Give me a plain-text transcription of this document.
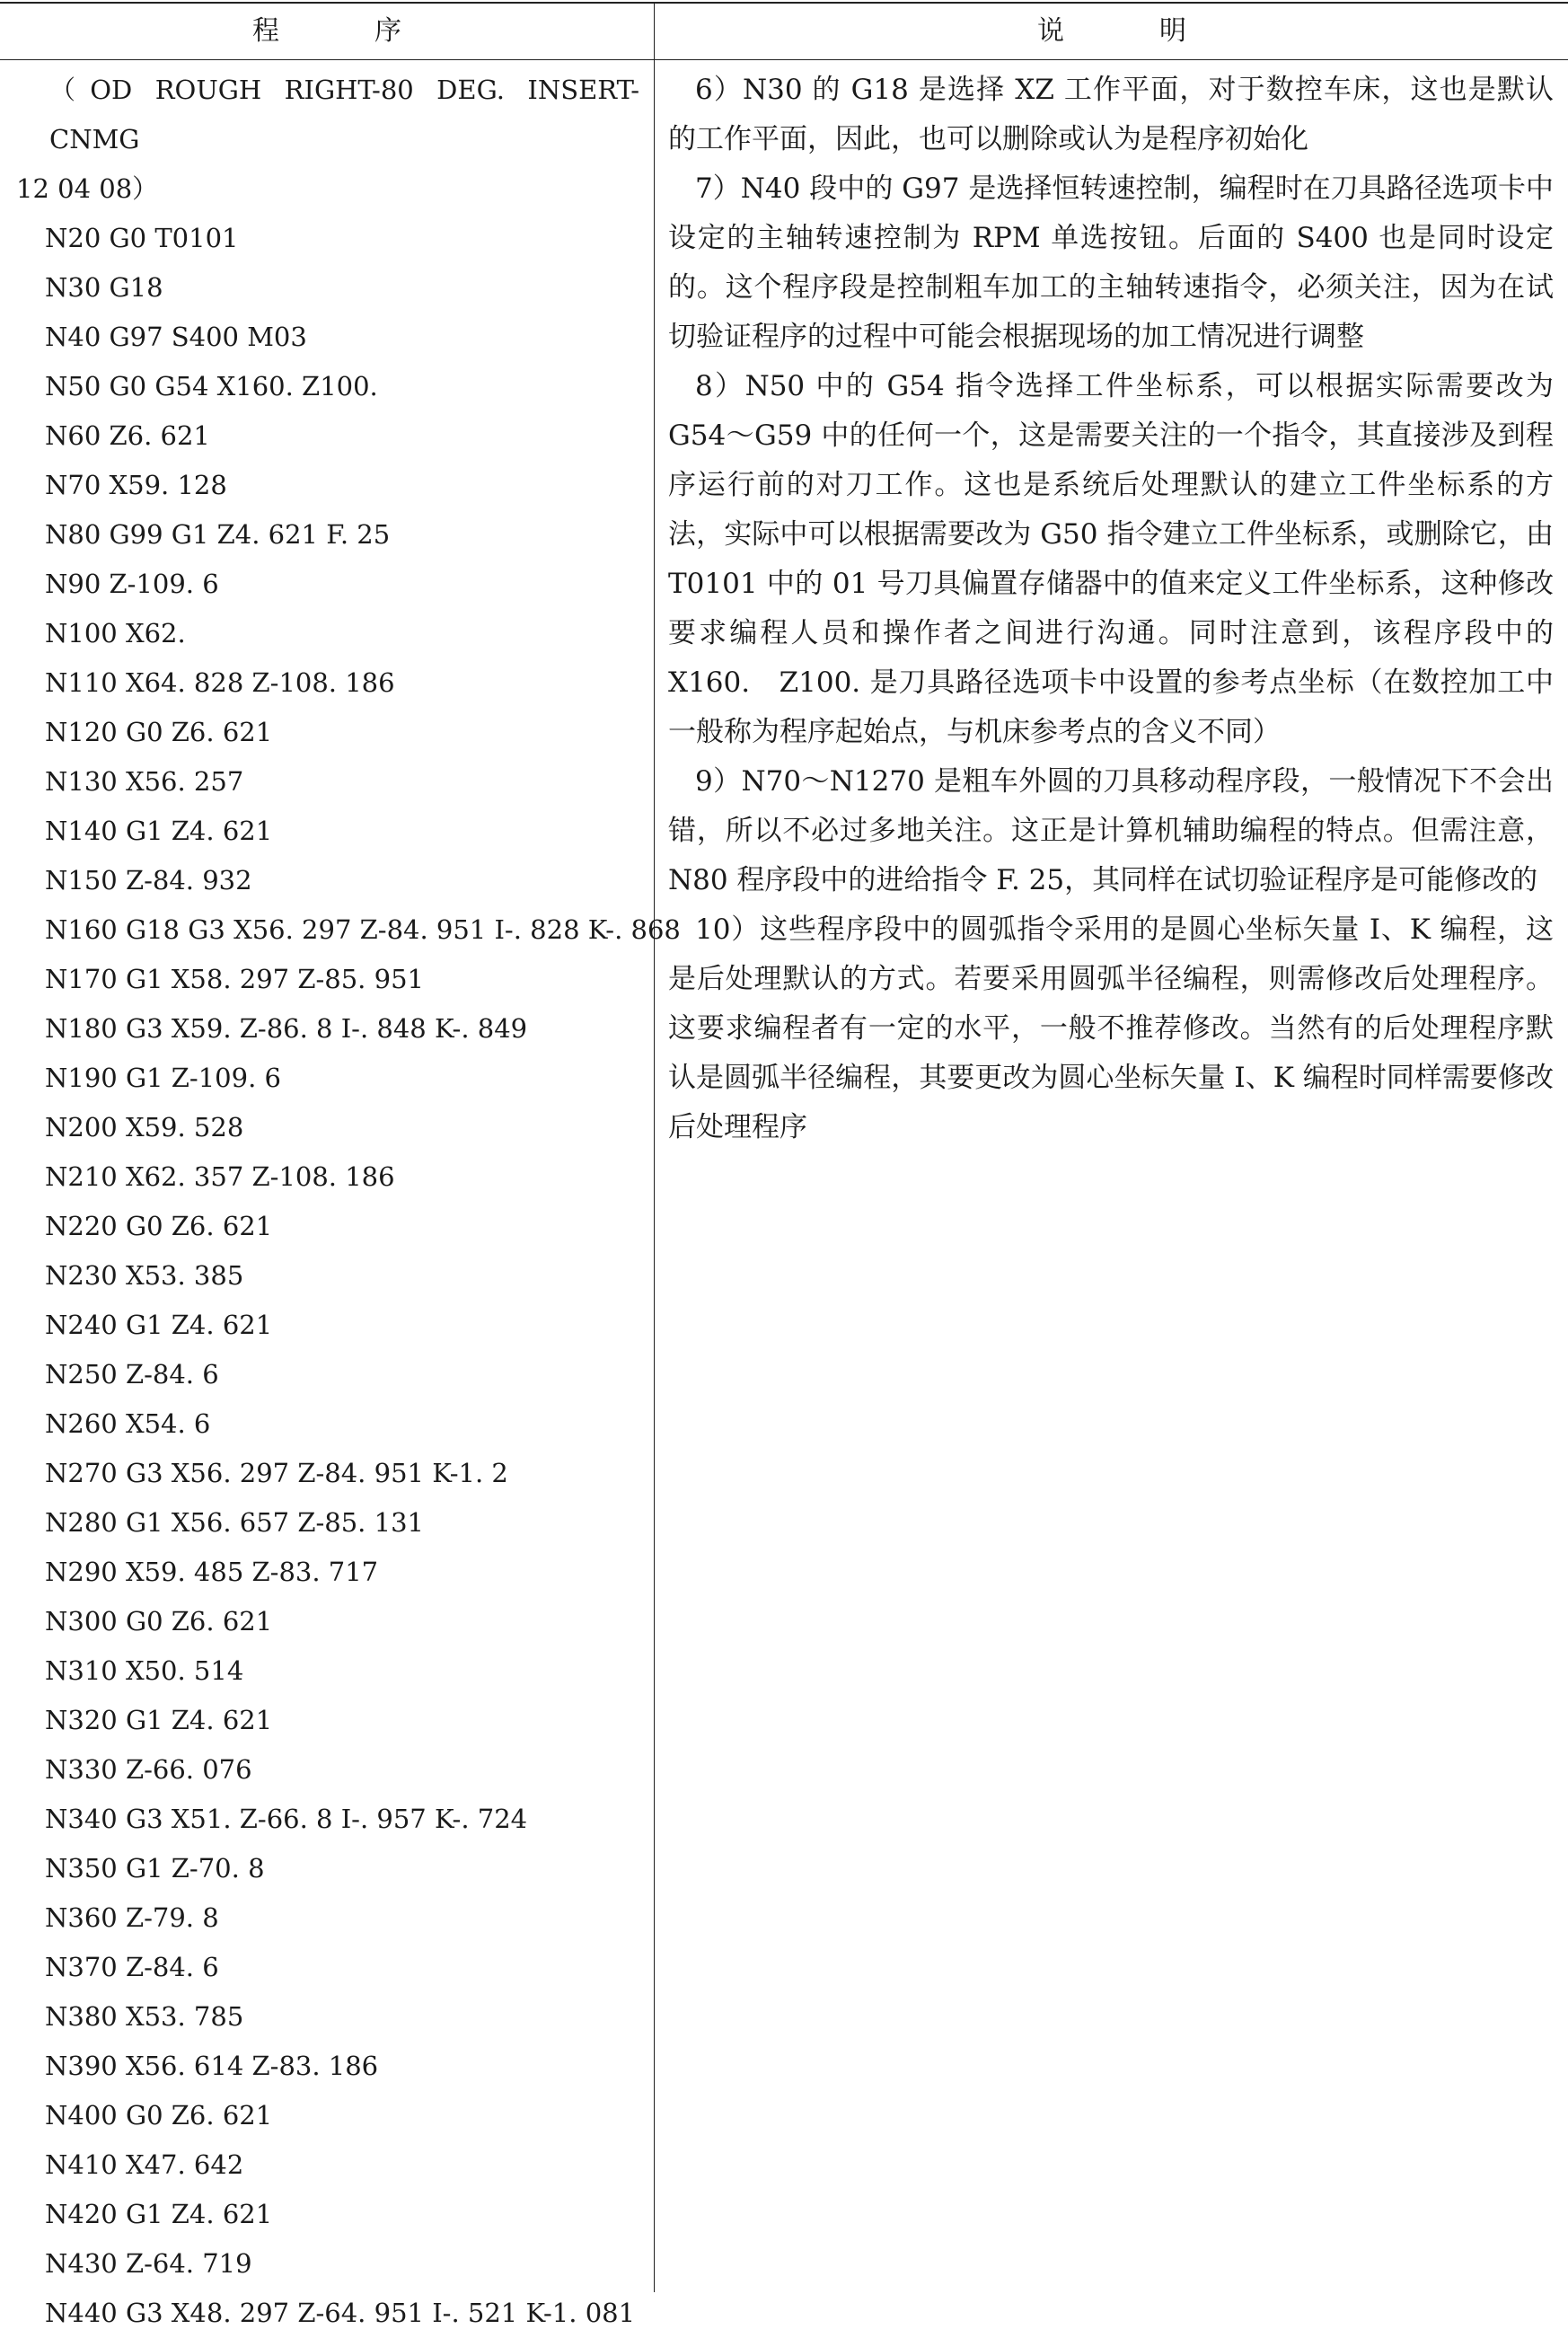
程　序	说　明

（OD ROUGH RIGHT-80 DEG. INSERT-CNMG

12 04 08）

N20 G0 T0101
N30 G18
N40 G97 S400 M03
N50 G0 G54 X160. Z100.
N60 Z6. 621
N70 X59. 128
N80 G99 G1 Z4. 621 F. 25
N90 Z-109. 6
N100 X62.
N110 X64. 828 Z-108. 186
N120 G0 Z6. 621
N130 X56. 257
N140 G1 Z4. 621
N150 Z-84. 932
N160 G18 G3 X56. 297 Z-84. 951 I-. 828 K-. 868
N170 G1 X58. 297 Z-85. 951
N180 G3 X59. Z-86. 8 I-. 848 K-. 849
N190 G1 Z-109. 6
N200 X59. 528
N210 X62. 357 Z-108. 186
N220 G0 Z6. 621
N230 X53. 385
N240 G1 Z4. 621
N250 Z-84. 6
N260 X54. 6
N270 G3 X56. 297 Z-84. 951 K-1. 2
N280 G1 X56. 657 Z-85. 131
N290 X59. 485 Z-83. 717
N300 G0 Z6. 621
N310 X50. 514
N320 G1 Z4. 621
N330 Z-66. 076
N340 G3 X51. Z-66. 8 I-. 957 K-. 724
N350 G1 Z-70. 8
N360 Z-79. 8
N370 Z-84. 6
N380 X53. 785
N390 X56. 614 Z-83. 186
N400 G0 Z6. 621
N410 X47. 642
N420 G1 Z4. 621
N430 Z-64. 719
N440 G3 X48. 297 Z-64. 951 I-. 521 K-1. 081

6）N30 的 G18 是选择 XZ 工作平面，对于数控车床，这也是默认的工作平面，因此，也可以删除或认为是程序初始化

7）N40 段中的 G97 是选择恒转速控制，编程时在刀具路径选项卡中设定的主轴转速控制为 RPM 单选按钮。后面的 S400 也是同时设定的。这个程序段是控制粗车加工的主轴转速指令，必须关注，因为在试切验证程序的过程中可能会根据现场的加工情况进行调整

8）N50 中的 G54 指令选择工件坐标系，可以根据实际需要改为 G54～G59 中的任何一个，这是需要关注的一个指令，其直接涉及到程序运行前的对刀工作。这也是系统后处理默认的建立工件坐标系的方法，实际中可以根据需要改为 G50 指令建立工件坐标系，或删除它，由 T0101 中的 01 号刀具偏置存储器中的值来定义工件坐标系，这种修改要求编程人员和操作者之间进行沟通。同时注意到，该程序段中的 X160.　Z100. 是刀具路径选项卡中设置的参考点坐标（在数控加工中一般称为程序起始点，与机床参考点的含义不同）

9）N70～N1270 是粗车外圆的刀具移动程序段，一般情况下不会出错，所以不必过多地关注。这正是计算机辅助编程的特点。但需注意，N80 程序段中的进给指令 F. 25，其同样在试切验证程序是可能修改的

10）这些程序段中的圆弧指令采用的是圆心坐标矢量 I、K 编程，这是后处理默认的方式。若要采用圆弧半径编程，则需修改后处理程序。这要求编程者有一定的水平，一般不推荐修改。当然有的后处理程序默认是圆弧半径编程，其要更改为圆心坐标矢量 I、K 编程时同样需要修改后处理程序
